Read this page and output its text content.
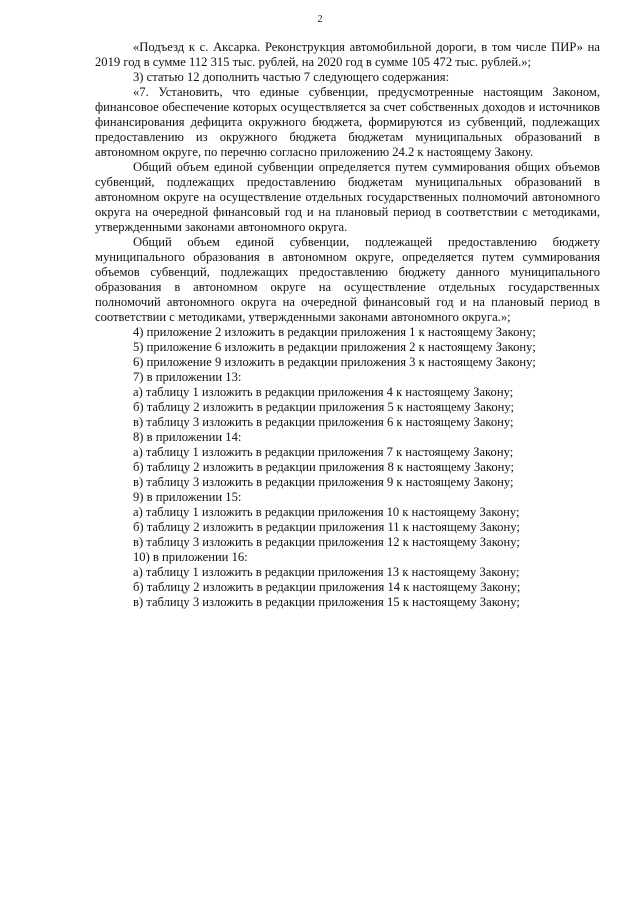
2

«Подъезд к с. Аксарка. Реконструкция автомобильной дороги, в том числе ПИР» на 2019 год в сумме 112 315 тыс. рублей, на 2020 год в сумме 105 472 тыс. рублей.»;

3) статью 12 дополнить частью 7 следующего содержания:

«7. Установить, что единые субвенции, предусмотренные настоящим Законом, финансовое обеспечение которых осуществляется за счет собственных доходов и источников финансирования дефицита окружного бюджета, формируются из субвенций, подлежащих предоставлению из окружного бюджета бюджетам муниципальных образований в автономном округе, по перечню согласно приложению 24.2 к настоящему Закону.

Общий объем единой субвенции определяется путем суммирования общих объемов субвенций, подлежащих предоставлению бюджетам муниципальных образований в автономном округе на осуществление отдельных государственных полномочий автономного округа на очередной финансовый год и на плановый период в соответствии с методиками, утвержденными законами автономного округа.

Общий объем единой субвенции, подлежащей предоставлению бюджету муниципального образования в автономном округе, определяется путем суммирования объемов субвенций, подлежащих предоставлению бюджету данного муниципального образования в автономном округе на осуществление отдельных государственных полномочий автономного округа на очередной финансовый год и на плановый период в соответствии с методиками, утвержденными законами автономного округа.»;

4) приложение 2 изложить в редакции приложения 1 к настоящему Закону;

5) приложение 6 изложить в редакции приложения 2 к настоящему Закону;

6) приложение 9 изложить в редакции приложения 3 к настоящему Закону;

7) в приложении 13:

а) таблицу 1 изложить в редакции приложения 4 к настоящему Закону;

б) таблицу 2 изложить в редакции приложения 5 к настоящему Закону;

в) таблицу 3 изложить в редакции приложения 6 к настоящему Закону;

8) в приложении 14:

а) таблицу 1 изложить в редакции приложения 7 к настоящему Закону;

б) таблицу 2 изложить в редакции приложения 8 к настоящему Закону;

в) таблицу 3 изложить в редакции приложения 9 к настоящему Закону;

9) в приложении 15:

а) таблицу 1 изложить в редакции приложения 10 к настоящему Закону;

б) таблицу 2 изложить в редакции приложения 11 к настоящему Закону;

в) таблицу 3 изложить в редакции приложения 12 к настоящему Закону;

10) в приложении 16:

а) таблицу 1 изложить в редакции приложения 13 к настоящему Закону;

б) таблицу 2 изложить в редакции приложения 14 к настоящему Закону;

в) таблицу 3 изложить в редакции приложения 15 к настоящему Закону;
